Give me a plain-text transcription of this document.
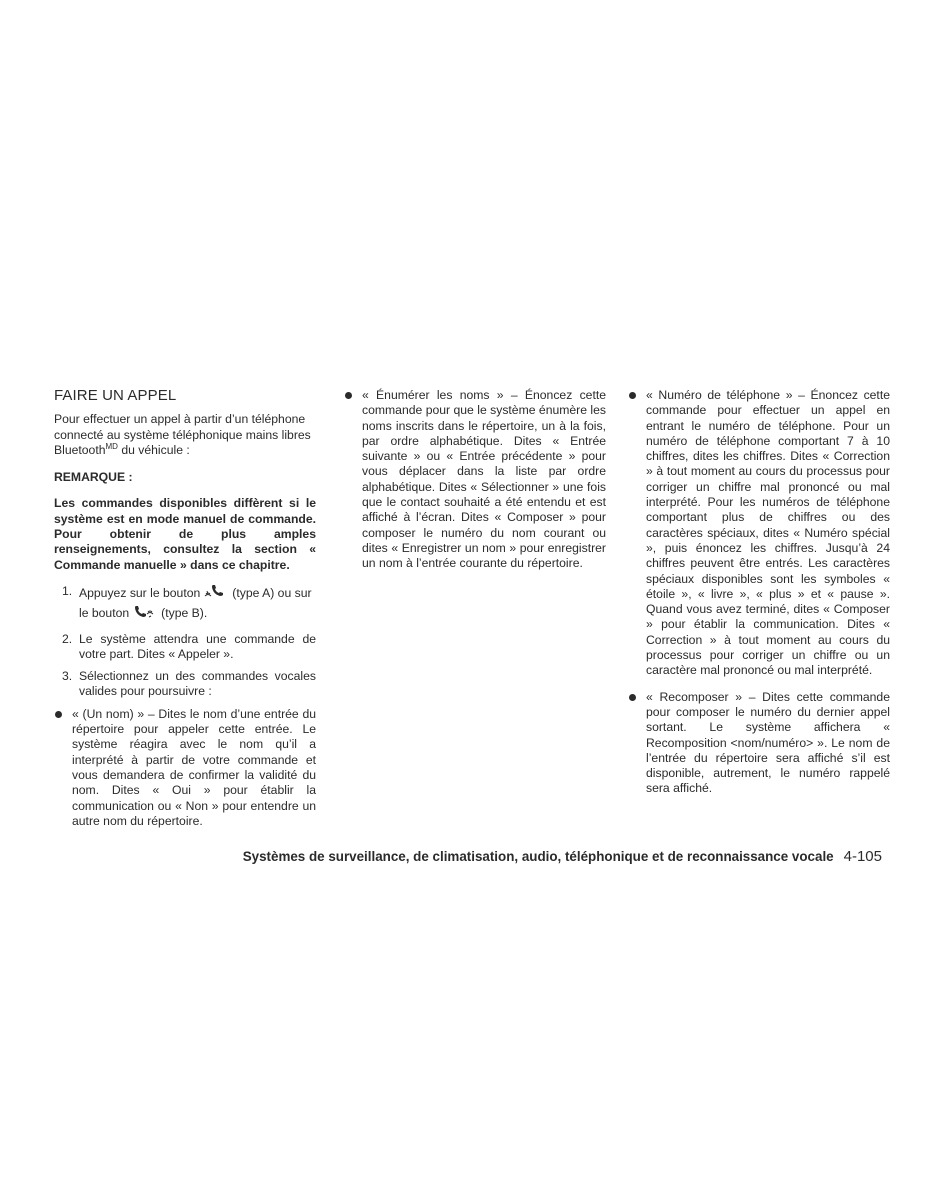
FAIRE UN APPEL

Pour effectuer un appel à partir d’un téléphone connecté au système téléphonique mains libres Bluetooth$^{MD}$ du véhicule :

REMARQUE :

Les commandes disponibles diffèrent si le système est en mode manuel de commande. Pour obtenir de plus amples renseignements, consultez la section « Commande manuelle » dans ce chapitre.

1. Appuyez sur le bouton	(type A) ou sur le bouton	(type B).
2. Le système attendra une commande de votre part. Dites « Appeler ».
3. Sélectionnez un des commandes vocales valides pour poursuivre :
« (Un nom) » – Dites le nom d’une entrée du répertoire pour appeler cette entrée. Le système réagira avec le nom qu’il a interprété à partir de votre commande et vous demandera de confirmer la validité du nom. Dites « Oui » pour établir la communication ou « Non » pour entendre un autre nom du répertoire.
« Énumérer les noms » – Énoncez cette commande pour que le système énumère les noms inscrits dans le répertoire, un à la fois, par ordre alphabétique. Dites « Entrée suivante » ou « Entrée précédente » pour vous déplacer dans la liste par ordre alphabétique. Dites « Sélectionner » une fois que le contact souhaité a été entendu et est affiché à l’écran. Dites « Composer » pour composer le numéro du nom courant ou dites « Enregistrer un nom » pour enregistrer un nom à l’entrée courante du répertoire.
« Numéro de téléphone » – Énoncez cette commande pour effectuer un appel en entrant le numéro de téléphone. Pour un numéro de téléphone comportant 7 à 10 chiffres, dites les chiffres. Dites « Correction » à tout moment au cours du processus pour corriger un chiffre mal prononcé ou mal interprété. Pour les numéros de téléphone comportant plus de chiffres ou des caractères spéciaux, dites « Numéro spécial », puis énoncez les chiffres. Jusqu’à 24 chiffres peuvent être entrés. Les caractères spéciaux disponibles sont les symboles « étoile », « livre », « plus » et « pause ». Quand vous avez terminé, dites « Composer » pour établir la communication. Dites « Correction » à tout moment au cours du processus pour corriger un chiffre ou un caractère mal prononcé ou mal interprété.
« Recomposer » – Dites cette commande pour composer le numéro du dernier appel sortant. Le système affichera « Recomposition <nom/numéro> ». Le nom de l’entrée du répertoire sera affiché s’il est disponible, autrement, le numéro rappelé sera affiché.
Systèmes de surveillance, de climatisation, audio, téléphonique et de reconnaissance vocale 4-105
